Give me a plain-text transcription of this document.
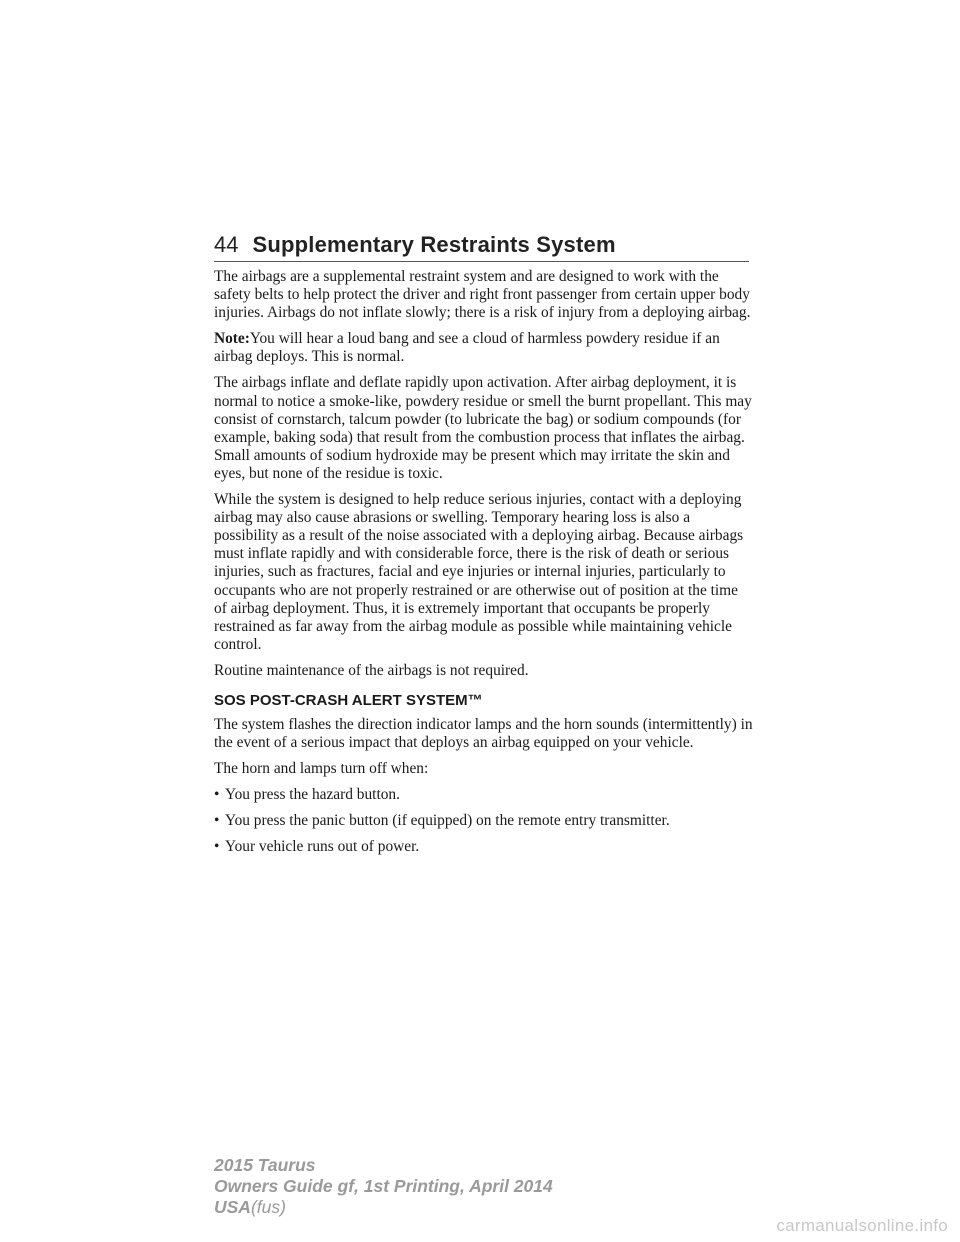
44 Supplementary Restraints System

The airbags are a supplemental restraint system and are designed to work with the safety belts to help protect the driver and right front passenger from certain upper body injuries. Airbags do not inflate slowly; there is a risk of injury from a deploying airbag.

Note:You will hear a loud bang and see a cloud of harmless powdery residue if an airbag deploys. This is normal.

The airbags inflate and deflate rapidly upon activation. After airbag deployment, it is normal to notice a smoke-like, powdery residue or smell the burnt propellant. This may consist of cornstarch, talcum powder (to lubricate the bag) or sodium compounds (for example, baking soda) that result from the combustion process that inflates the airbag. Small amounts of sodium hydroxide may be present which may irritate the skin and eyes, but none of the residue is toxic.

While the system is designed to help reduce serious injuries, contact with a deploying airbag may also cause abrasions or swelling. Temporary hearing loss is also a possibility as a result of the noise associated with a deploying airbag. Because airbags must inflate rapidly and with considerable force, there is the risk of death or serious injuries, such as fractures, facial and eye injuries or internal injuries, particularly to occupants who are not properly restrained or are otherwise out of position at the time of airbag deployment. Thus, it is extremely important that occupants be properly restrained as far away from the airbag module as possible while maintaining vehicle control.

Routine maintenance of the airbags is not required.

SOS POST-CRASH ALERT SYSTEM™

The system flashes the direction indicator lamps and the horn sounds (intermittently) in the event of a serious impact that deploys an airbag equipped on your vehicle.

The horn and lamps turn off when:

• You press the hazard button.
• You press the panic button (if equipped) on the remote entry transmitter.
• Your vehicle runs out of power.
2015 Taurus
Owners Guide gf, 1st Printing, April 2014
USA(fus)
carmanualsonline.info
